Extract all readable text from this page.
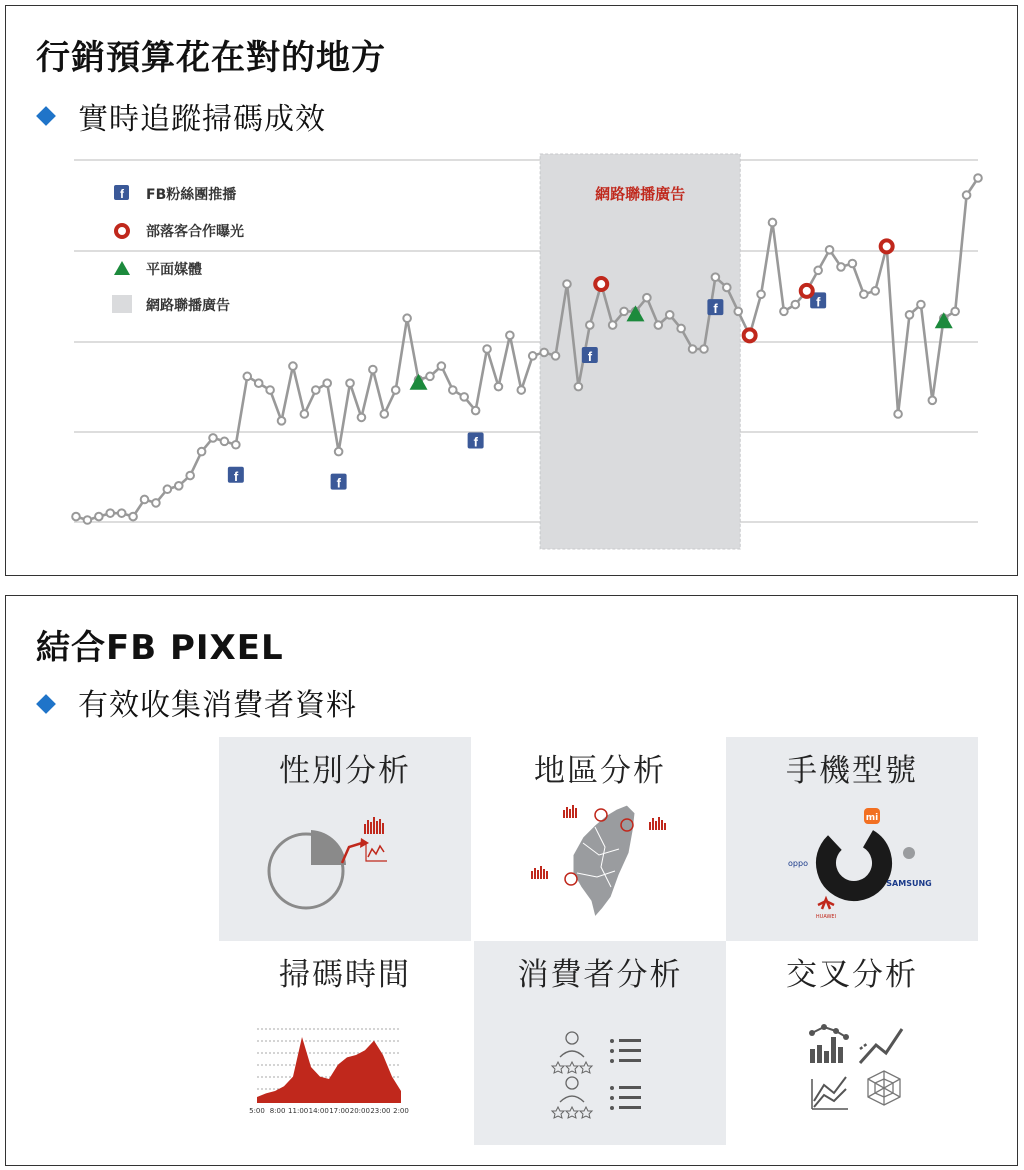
行銷預算花在對的地方
實時追蹤掃碼成效
網路聯播廣告
f	f
f
f
f	f
f FB粉絲團推播
部落客合作曝光
平面媒體
網路聯播廣告
結合FB PIXEL
有效收集消費者資料
性別分析	地區分析	手機型號
mi
oppo
SAMSUNG
HUAWEI
掃碼時間
5:00 8:00 11:00 14:00 17:00 20:00 23:00 2:00
消費者分析	交叉分析
